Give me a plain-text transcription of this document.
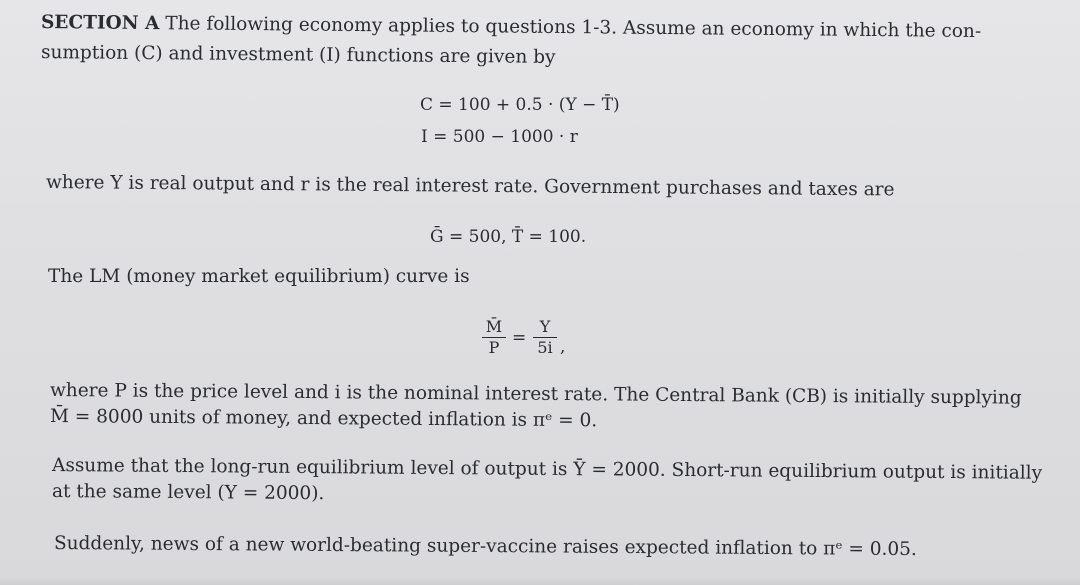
SECTION A The following economy applies to questions 1-3. Assume an economy in which the con-
sumption (C) and investment (I) functions are given by
C = 100 + 0.5 · (Y − T̄)
I = 500 − 1000 · r
where Y is real output and r is the real interest rate. Government purchases and taxes are
Ḡ = 500, T̄ = 100.
The LM (money market equilibrium) curve is
M̄
P =
Y
5i ,
where P is the price level and i is the nominal interest rate. The Central Bank (CB) is initially supplying
M̄ = 8000 units of money, and expected inflation is πᵉ = 0.
Assume that the long-run equilibrium level of output is Ȳ = 2000. Short-run equilibrium output is initially
at the same level (Y = 2000).
Suddenly, news of a new world-beating super-vaccine raises expected inflation to πᵉ = 0.05.
